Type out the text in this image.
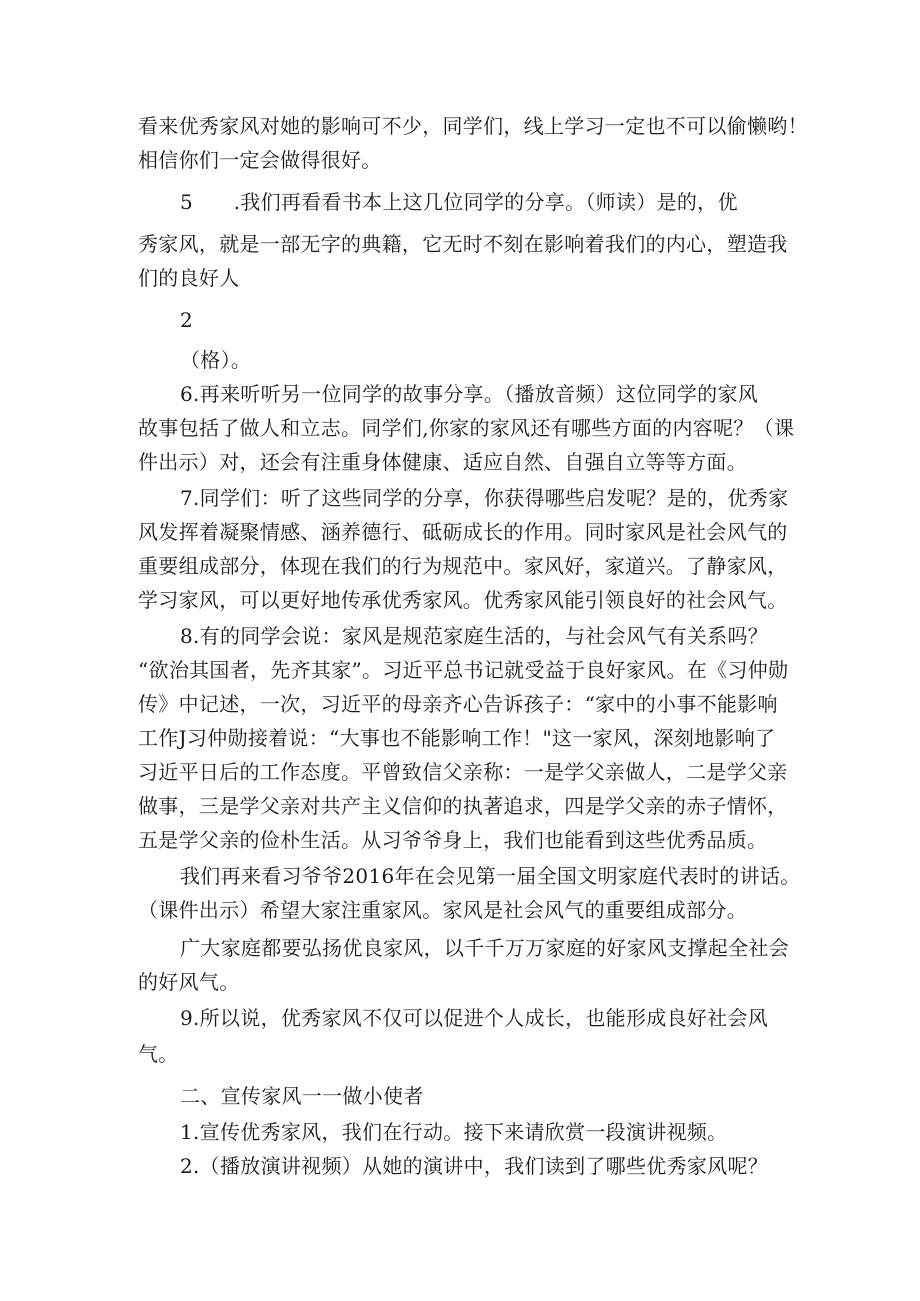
看来优秀家风对她的影响可不少，同学们，线上学习一定也不可以偷懒哟！
相信你们一定会做得很好。
5　　.我们再看看书本上这几位同学的分享。（师读）是的，优
秀家风，就是一部无字的典籍，它无时不刻在影响着我们的内心，塑造我
们的良好人
2
（格）。
6.再来听听另一位同学的故事分享。（播放音频）这位同学的家风
故事包括了做人和立志。同学们,你家的家风还有哪些方面的内容呢？（课
件出示）对，还会有注重身体健康、适应自然、自强自立等等方面。
7.同学们：听了这些同学的分享，你获得哪些启发呢？是的，优秀家
风发挥着凝聚情感、涵养德行、砥砺成长的作用。同时家风是社会风气的
重要组成部分，体现在我们的行为规范中。家风好，家道兴。了静家风，
学习家风，可以更好地传承优秀家风。优秀家风能引领良好的社会风气。
8.有的同学会说：家风是规范家庭生活的，与社会风气有关系吗？
“欲治其国者，先齐其家”。习近平总书记就受益于良好家风。在《习仲勋
传》中记述，一次，习近平的母亲齐心告诉孩子：“家中的小事不能影响
工作J习仲勋接着说：“大事也不能影响工作！"这一家风，深刻地影响了
习近平日后的工作态度。平曾致信父亲称：一是学父亲做人，二是学父亲
做事，三是学父亲对共产主义信仰的执著追求，四是学父亲的赤子情怀，
五是学父亲的俭朴生活。从习爷爷身上，我们也能看到这些优秀品质。
我们再来看习爷爷2016年在会见第一届全国文明家庭代表时的讲话。
（课件出示）希望大家注重家风。家风是社会风气的重要组成部分。
广大家庭都要弘扬优良家风，以千千万万家庭的好家风支撑起全社会
的好风气。
9.所以说，优秀家风不仅可以促进个人成长，也能形成良好社会风
气。
二、宣传家风一一做小使者
1.宣传优秀家风，我们在行动。接下来请欣赏一段演讲视频。
2.（播放演讲视频）从她的演讲中，我们读到了哪些优秀家风呢？
